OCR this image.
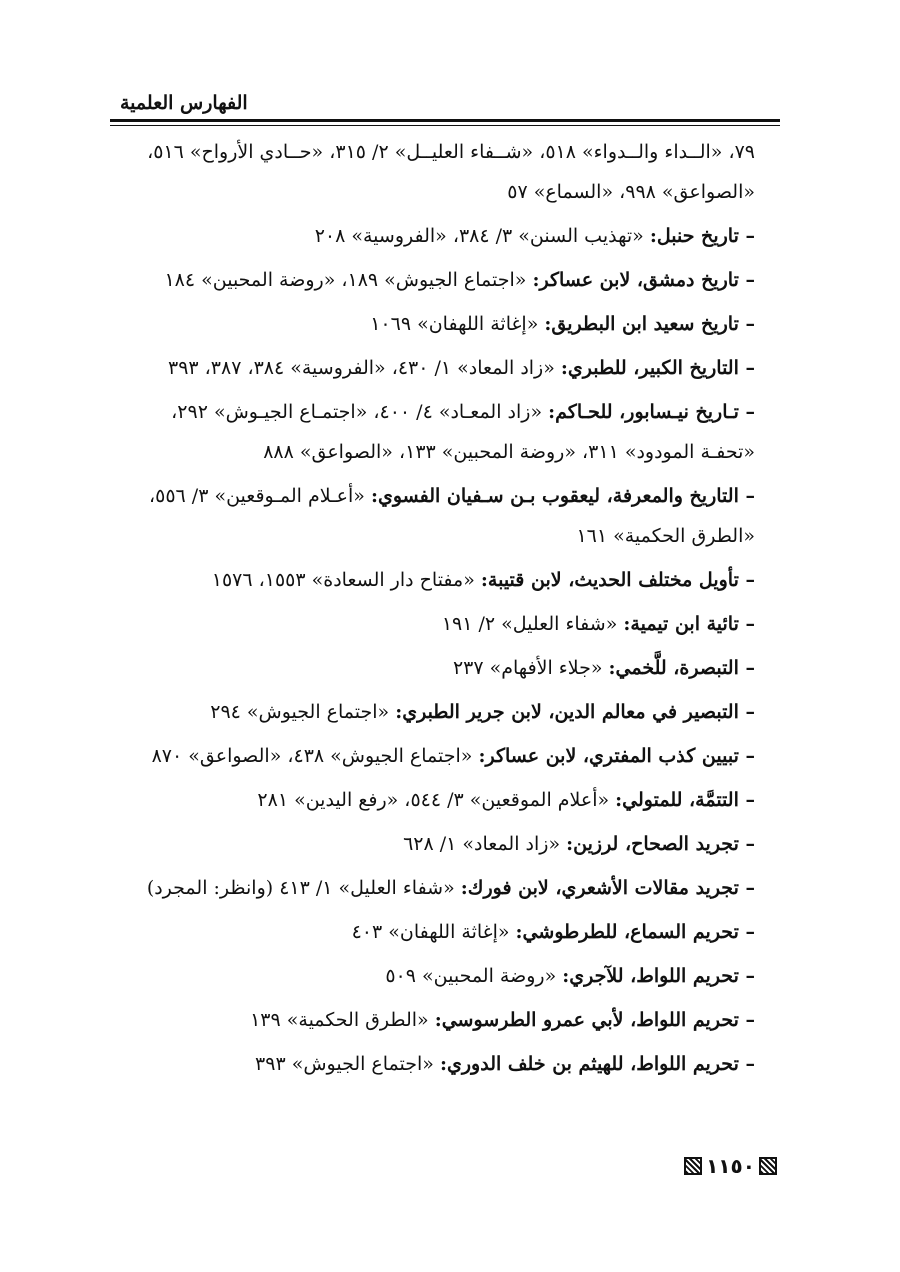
الفهارس العلمية
٧٩، «الــداء والــدواء» ٥١٨، «شــفاء العليــل» ٢/ ٣١٥، «حــادي الأرواح» ٥١٦، «الصواعق» ٩٩٨، «السماع» ٥٧
– تاريخ حنبل: «تهذيب السنن» ٣/ ٣٨٤، «الفروسية» ٢٠٨
– تاريخ دمشق، لابن عساكر: «اجتماع الجيوش» ١٨٩، «روضة المحبين» ١٨٤
– تاريخ سعيد ابن البطريق: «إغاثة اللهفان» ١٠٦٩
– التاريخ الكبير، للطبري: «زاد المعاد» ١/ ٤٣٠، «الفروسية» ٣٨٤، ٣٨٧، ٣٩٣
– تـاريخ نيـسابور، للحـاكم: «زاد المعـاد» ٤/ ٤٠٠، «اجتمـاع الجيـوش» ٢٩٢، «تحفـة المودود» ٣١١، «روضة المحبين» ١٣٣، «الصواعق» ٨٨٨
– التاريخ والمعرفة، ليعقوب بـن سـفيان الفسوي: «أعـلام المـوقعين» ٣/ ٥٥٦، «الطرق الحكمية» ١٦١
– تأويل مختلف الحديث، لابن قتيبة: «مفتاح دار السعادة» ١٥٥٣، ١٥٧٦
– تائية ابن تيمية: «شفاء العليل» ٢/ ١٩١
– التبصرة، للَّخمي: «جلاء الأفهام» ٢٣٧
– التبصير في معالم الدين، لابن جرير الطبري: «اجتماع الجيوش» ٢٩٤
– تبيين كذب المفتري، لابن عساكر: «اجتماع الجيوش» ٤٣٨، «الصواعق» ٨٧٠
– التتمَّة، للمتولي: «أعلام الموقعين» ٣/ ٥٤٤، «رفع اليدين» ٢٨١
– تجريد الصحاح، لرزين: «زاد المعاد» ١/ ٦٢٨
– تجريد مقالات الأشعري، لابن فورك: «شفاء العليل» ١/ ٤١٣ (وانظر: المجرد)
– تحريم السماع، للطرطوشي: «إغاثة اللهفان» ٤٠٣
– تحريم اللواط، للآجري: «روضة المحبين» ٥٠٩
– تحريم اللواط، لأبي عمرو الطرسوسي: «الطرق الحكمية» ١٣٩
– تحريم اللواط، للهيثم بن خلف الدوري: «اجتماع الجيوش» ٣٩٣
١١٥٠
